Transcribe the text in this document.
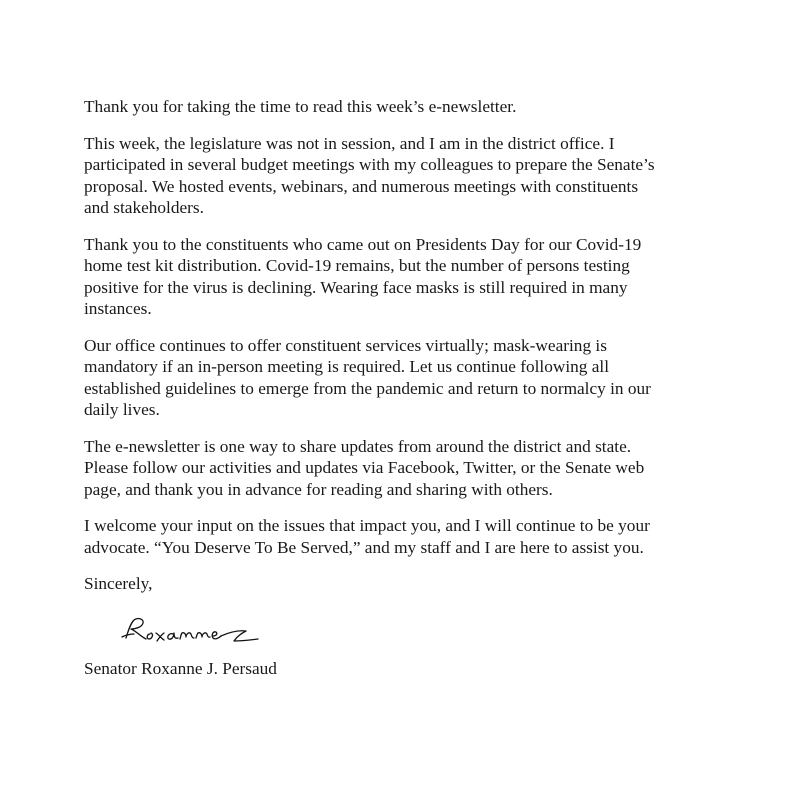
Thank you for taking the time to read this week’s e-newsletter.

This week, the legislature was not in session, and I am in the district office. I
participated in several budget meetings with my colleagues to prepare the Senate’s
proposal. We hosted events, webinars, and numerous meetings with constituents
and stakeholders.

Thank you to the constituents who came out on Presidents Day for our Covid-19
home test kit distribution. Covid-19 remains, but the number of persons testing
positive for the virus is declining. Wearing face masks is still required in many
instances.

Our office continues to offer constituent services virtually; mask-wearing is
mandatory if an in-person meeting is required. Let us continue following all
established guidelines to emerge from the pandemic and return to normalcy in our
daily lives.

The e-newsletter is one way to share updates from around the district and state.
Please follow our activities and updates via Facebook, Twitter, or the Senate web
page, and thank you in advance for reading and sharing with others.

I welcome your input on the issues that impact you, and I will continue to be your
advocate. “You Deserve To Be Served,” and my staff and I are here to assist you.

Sincerely,

Senator Roxanne J. Persaud
